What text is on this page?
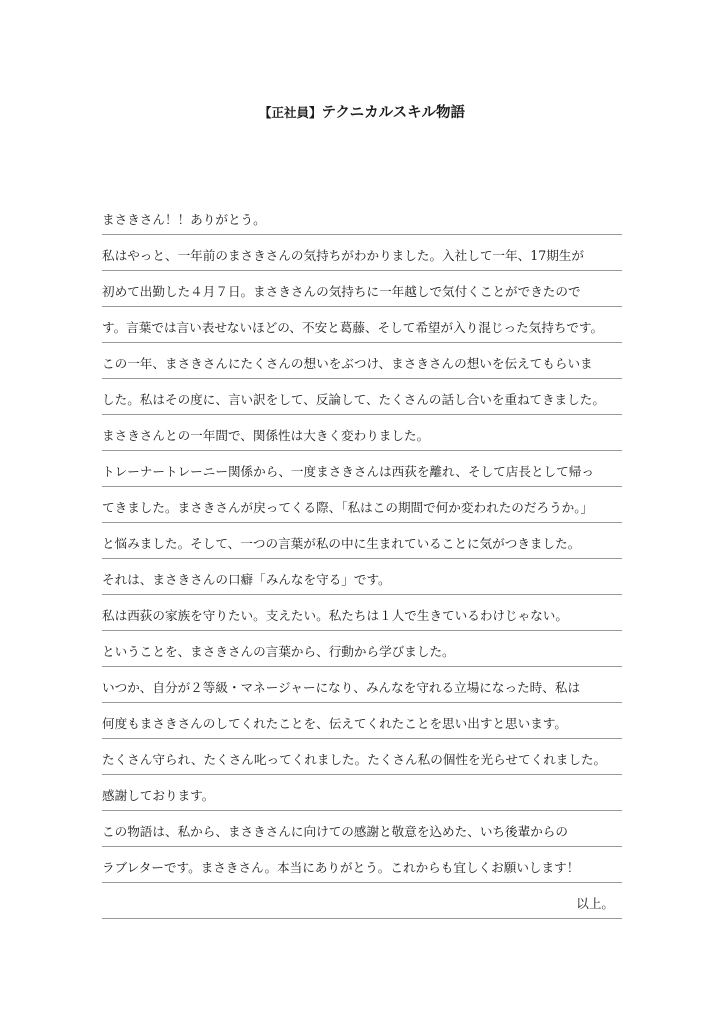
【正社員】テクニカルスキル物語
まさきさん！！ありがとう。
私はやっと、一年前のまさきさんの気持ちがわかりました。入社して一年、17期生が
初めて出勤した４月７日。まさきさんの気持ちに一年越しで気付くことができたので
す。言葉では言い表せないほどの、不安と葛藤、そして希望が入り混じった気持ちです。
この一年、まさきさんにたくさんの想いをぶつけ、まさきさんの想いを伝えてもらいま
した。私はその度に、言い訳をして、反論して、たくさんの話し合いを重ねてきました。
まさきさんとの一年間で、関係性は大きく変わりました。
トレーナートレーニー関係から、一度まさきさんは西荻を離れ、そして店長として帰っ
てきました。まさきさんが戻ってくる際、「私はこの期間で何か変われたのだろうか。」
と悩みました。そして、一つの言葉が私の中に生まれていることに気がつきました。
それは、まさきさんの口癖「みんなを守る」です。
私は西荻の家族を守りたい。支えたい。私たちは１人で生きているわけじゃない。
ということを、まさきさんの言葉から、行動から学びました。
いつか、自分が２等級・マネージャーになり、みんなを守れる立場になった時、私は
何度もまさきさんのしてくれたことを、伝えてくれたことを思い出すと思います。
たくさん守られ、たくさん叱ってくれました。たくさん私の個性を光らせてくれました。
感謝しております。
この物語は、私から、まさきさんに向けての感謝と敬意を込めた、いち後輩からの
ラブレターです。まさきさん。本当にありがとう。これからも宜しくお願いします！
以上。
